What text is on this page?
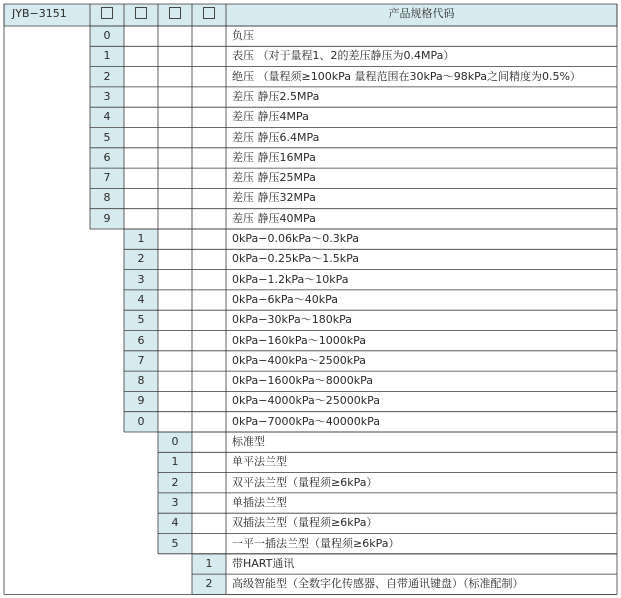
JYB−3151	产品规格代码
0	负压
1	表压 （对于量程1、2的差压静压为0.4MPa）
2	绝压 （量程须≥100kPa 量程范围在30kPa～98kPa之间精度为0.5%）
3	差压 静压2.5MPa
4	差压 静压4MPa
5	差压 静压6.4MPa
6	差压 静压16MPa
7	差压 静压25MPa
8	差压 静压32MPa
9	差压 静压40MPa
1	0kPa−0.06kPa～0.3kPa
2	0kPa−0.25kPa～1.5kPa
3	0kPa−1.2kPa～10kPa
4	0kPa−6kPa～40kPa
5	0kPa−30kPa～180kPa
6	0kPa−160kPa～1000kPa
7	0kPa−400kPa～2500kPa
8	0kPa−1600kPa～8000kPa
9	0kPa−4000kPa～25000kPa
0	0kPa−7000kPa～40000kPa
0	标准型
1	单平法兰型
2	双平法兰型（量程须≥6kPa）
3	单插法兰型
4	双插法兰型（量程须≥6kPa）
5	一平一插法兰型（量程须≥6kPa）
1	带HART通讯
2	高级智能型（全数字化传感器、自带通讯键盘）（标准配制）
